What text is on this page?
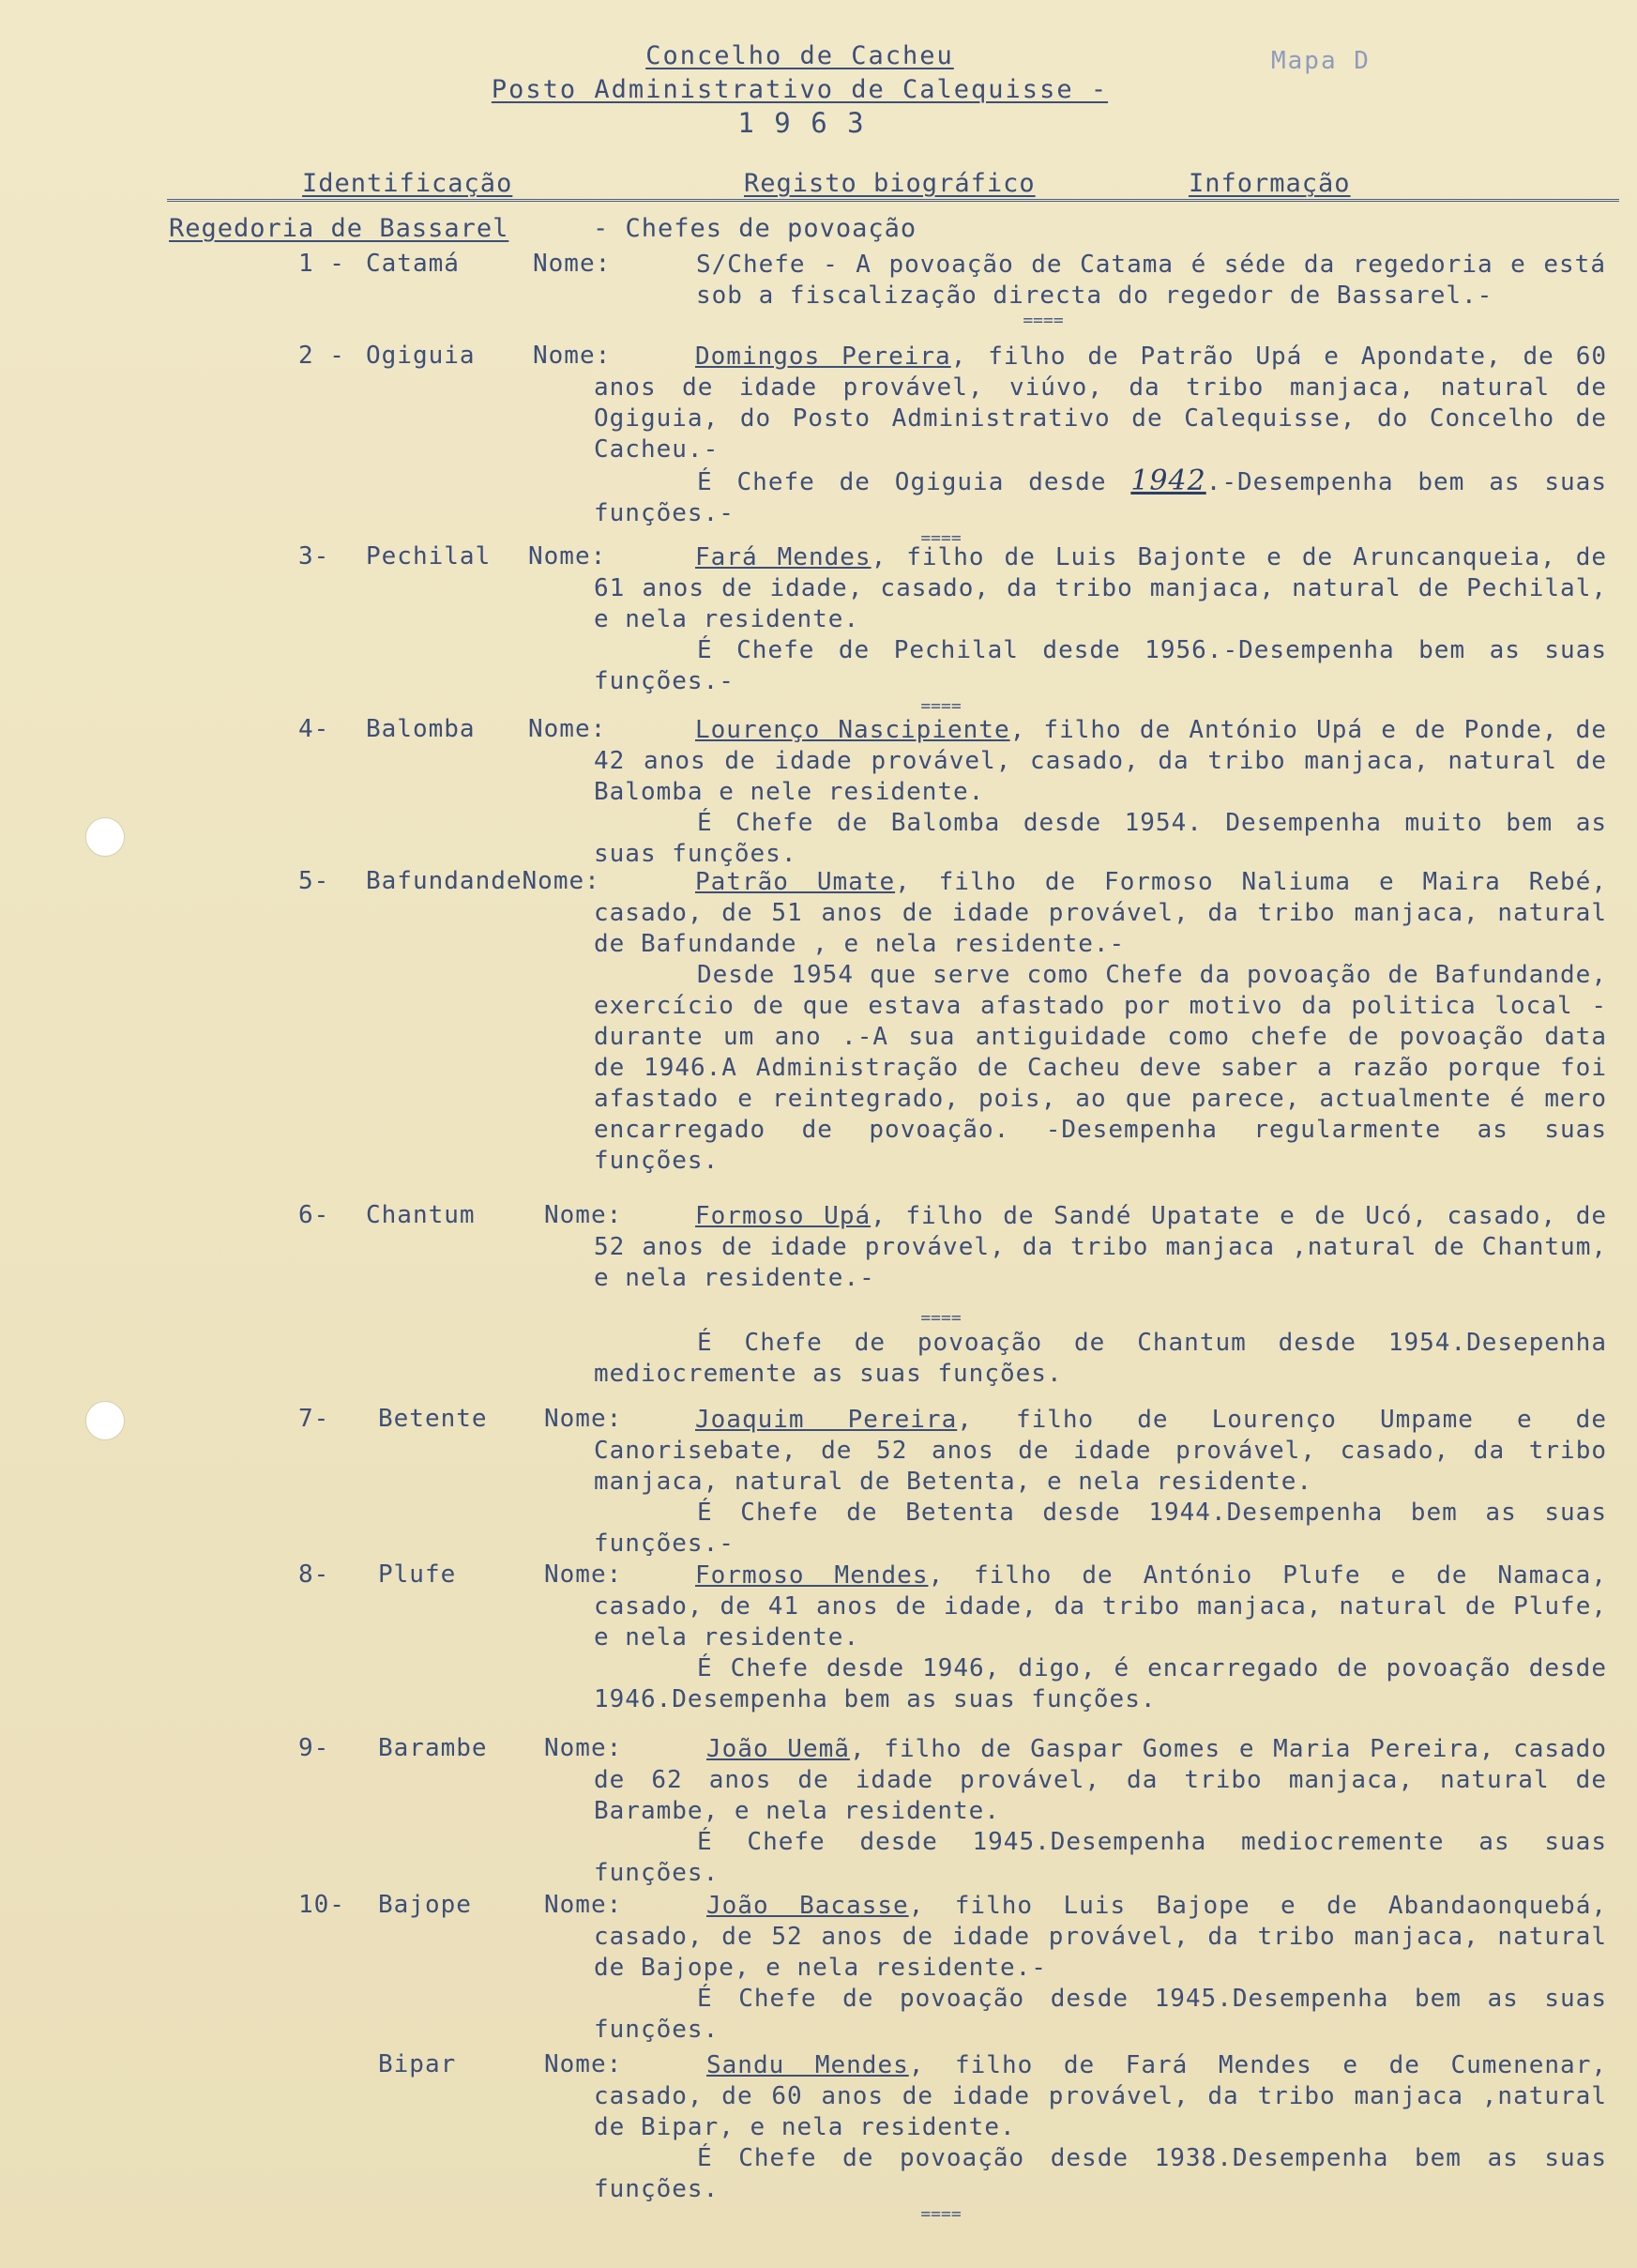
Concelho de Cacheu
Posto Administrativo de Calequisse -
1 9 6 3
Mapa D
Identificação	Registo biográfico	Informação
Regedoria de Bassarel	- Chefes de povoação
1 - Catamá	Nome:	S/Chefe - A povoação de Catama é séde da regedoria e está sob a fiscalização directa do regedor de Bassarel.-

====
2 - Ogiguia Nome:	Domingos Pereira, filho de Patrão Upá e Apondate, de 60 anos de idade provável, viúvo, da tribo manjaca, natural de Ogiguia, do Posto Administrativo de Calequisse, do Concelho de Cacheu.-

É Chefe de Ogiguia desde 1942.-Desempenha bem as suas funções.-

====
3- Pechilal Nome:	Fará Mendes, filho de Luis Bajonte e de Aruncanqueia, de 61 anos de idade, casado, da tribo manjaca, natural de Pechilal, e nela residente.

É Chefe de Pechilal desde 1956.-Desempenha bem as suas funções.-

====
4- Balomba Nome:	Lourenço Nascipiente, filho de António Upá e de Ponde, de 42 anos de idade provável, casado, da tribo manjaca, natural de Balomba e nele residente.

É Chefe de Balomba desde 1954. Desempenha muito bem as suas funções.

5- BafundandeNome:	Patrão Umate, filho de Formoso Naliuma e Maira Rebé, casado, de 51 anos de idade provável, da tribo manjaca, natural de Bafundande , e nela residente.-

Desde 1954 que serve como Chefe da povoação de Bafundande, exercício de que estava afastado por motivo da politica local - durante um ano .-A sua antiguidade como chefe de povoação data de 1946.A Administração de Cacheu deve saber a razão porque foi afastado e reintegrado, pois, ao que parece, actualmente é mero encarregado de povoação. -Desempenha regularmente as suas funções.

6- Chantum	Nome:	Formoso Upá, filho de Sandé Upatate e de Ucó, casado, de 52 anos de idade provável, da tribo manjaca ,natural de Chantum, e nela residente.-

====

É Chefe de povoação de Chantum desde 1954.Desepenha mediocremente as suas funções.

7- Betente Nome:	Joaquim Pereira, filho de Lourenço Umpame e de Canorisebate, de 52 anos de idade provável, casado, da tribo manjaca, natural de Betenta, e nela residente.

É Chefe de Betenta desde 1944.Desempenha bem as suas funções.-

8- Plufe	Nome:	Formoso Mendes, filho de António Plufe e de Namaca, casado, de 41 anos de idade, da tribo manjaca, natural de Plufe, e nela residente.

É Chefe desde 1946, digo, é encarregado de povoação desde 1946.Desempenha bem as suas funções.

9- Barambe Nome:	João Uemã, filho de Gaspar Gomes e Maria Pereira, casado de 62 anos de idade provável, da tribo manjaca, natural de Barambe, e nela residente.

É Chefe desde 1945.Desempenha mediocremente as suas funções.

10- Bajope	Nome:	João Bacasse, filho Luis Bajope e de Abandaonquebá, casado, de 52 anos de idade provável, da tribo manjaca, natural de Bajope, e nela residente.-

É Chefe de povoação desde 1945.Desempenha bem as suas funções.

Bipar	Nome:	Sandu Mendes, filho de Fará Mendes e de Cumenenar, casado, de 60 anos de idade provável, da tribo manjaca ,natural de Bipar, e nela residente.

É Chefe de povoação desde 1938.Desempenha bem as suas funções.

====
